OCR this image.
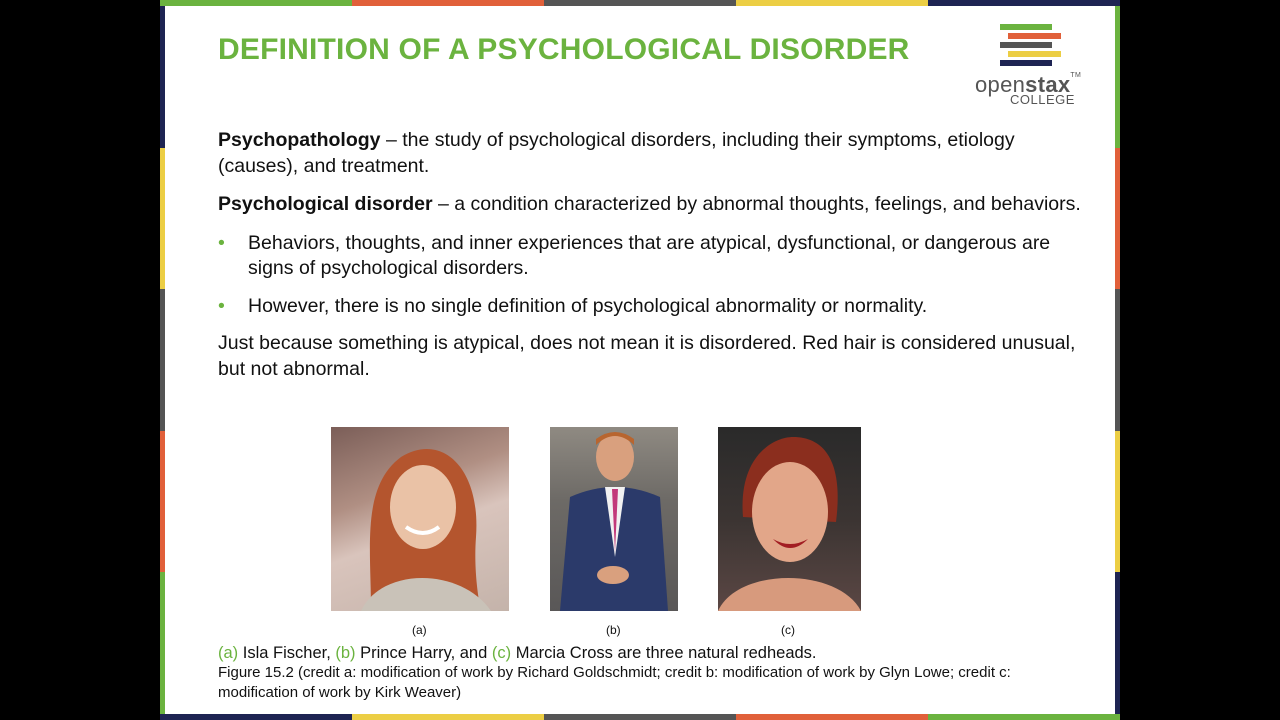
DEFINITION OF A PSYCHOLOGICAL DISORDER
openstax™
COLLEGE

Psychopathology – the study of psychological disorders, including their symptoms, etiology (causes), and treatment.

Psychological disorder – a condition characterized by abnormal thoughts, feelings, and behaviors.

• Behaviors, thoughts, and inner experiences that are atypical, dysfunctional, or dangerous are signs of psychological disorders.
• However, there is no single definition of psychological abnormality or normality.

Just because something is atypical, does not mean it is disordered. Red hair is considered unusual, but not abnormal.

(a)	(b)	(c)
(a) Isla Fischer, (b) Prince Harry, and (c) Marcia Cross are three natural redheads.
Figure 15.2 (credit a: modification of work by Richard Goldschmidt; credit b: modification of work by Glyn Lowe; credit c: modification of work by Kirk Weaver)
